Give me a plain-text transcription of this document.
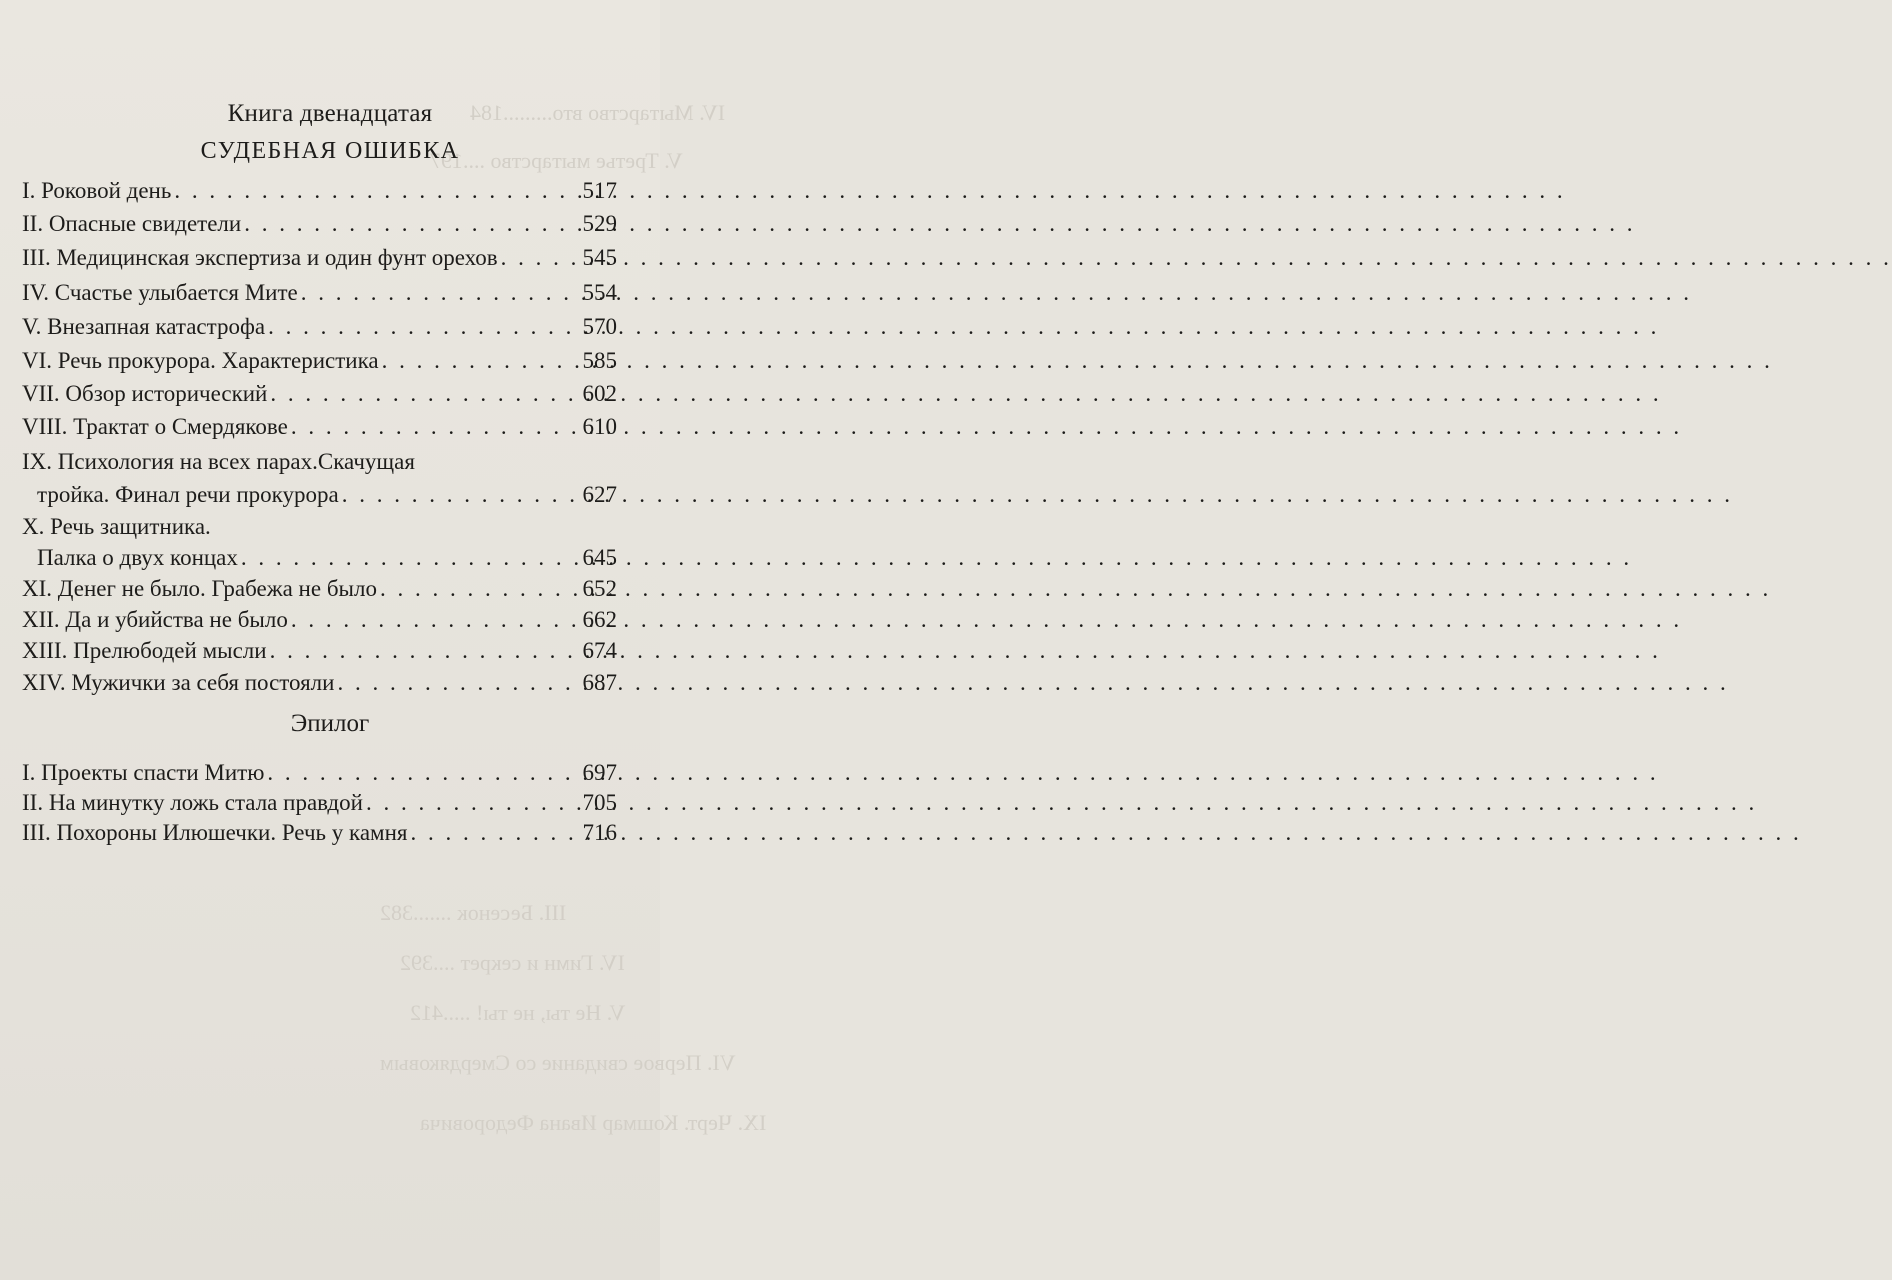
IV. Мытарство вто.........184
V. Третье мытарство ....197
III. Бесенок .......382
IV. Гимн и секрет ....392
V. Не ты, не ты! .....412
VI. Первое свидание со Смердяковым
IX. Черт. Кошмар Ивана Федоровича
Книга двенадцатая
СУДЕБНАЯ ОШИБКА
I. Роковой день . . .	517
II. Опасные свидетели . . .	529
III. Медицинская экспертиза и один фунт орехов . . .	545
IV. Счастье улыбается Мите . . .	554
V. Внезапная катастрофа . . .	570
VI. Речь прокурора. Характеристика . . .	585
VII. Обзор исторический . . .	602
VIII. Трактат о Смердякове . . .	610
IX. Психология на всех парах.Скачущая
тройка. Финал речи прокурора . . .	627
X. Речь защитника.
Палка о двух концах . . .	645
XI. Денег не было. Грабежа не было . . .	652
XII. Да и убийства не было . . .	662
XIII. Прелюбодей мысли . . .	674
XIV. Мужички за себя постояли . . .	687
Эпилог
I. Проекты спасти Митю . . .	697
II. На минутку ложь стала правдой . . .	705
III. Похороны Илюшечки. Речь у камня . . .	716
